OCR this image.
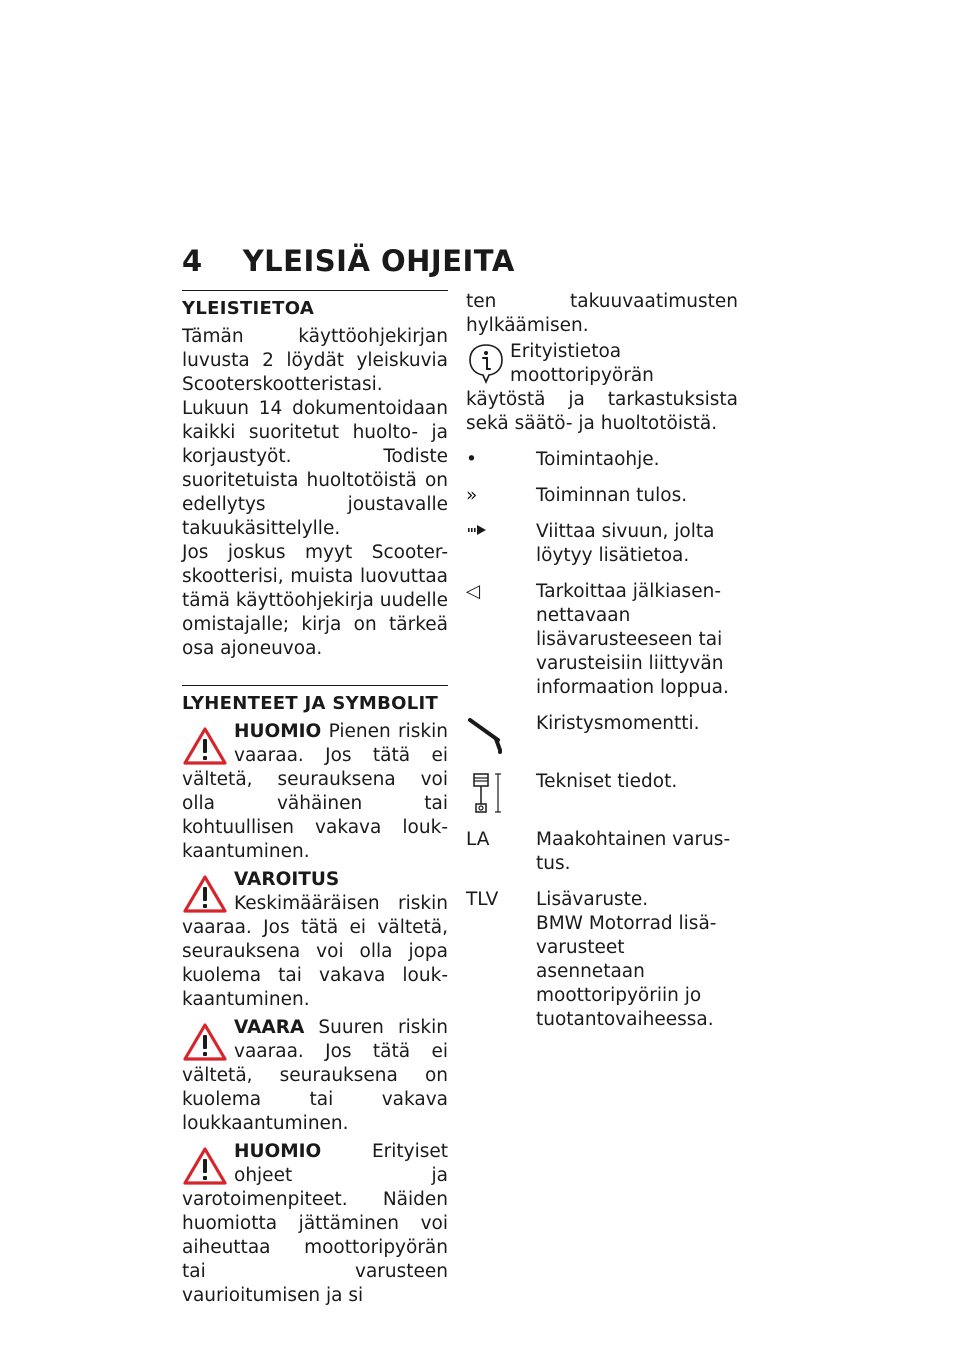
4 YLEISIÄ OHJEITA
YLEISTIETOA

Tämän käyttöohjekirjan luvusta 2 löydät yleiskuvia Scooterskootteristasi. Lukuun 14 dokumentoidaan kaikki suoritetut huolto- ja korjaustyöt. Todiste suoritetuista huoltotöistä on edellytys joustavalle takuukäsittelylle.

Jos joskus myyt Scooter-skootterisi, muista luovuttaa tämä käyttöohjekirja uudelle omistajalle; kirja on tärkeä osa ajoneuvoa.

LYHENTEET JA SYMBOLIT
HUOMIO Pienen riskin vaaraa. Jos tätä ei vältetä, seurauksena voi olla vähäinen tai kohtuullisen vakava loukkaantuminen.
VAROITUS Keskimääräisen riskin vaaraa. Jos tätä ei vältetä, seurauksena voi olla jopa kuolema tai vakava loukkaantuminen.
VAARA Suuren riskin vaaraa. Jos tätä ei vältetä, seurauksena on kuolema tai vakava loukkaantuminen.
HUOMIO Erityiset ohjeet ja varotoimenpiteet. Näiden huomiotta jättäminen voi aiheuttaa moottoripyörän tai varusteen vaurioitumisen ja si

ten takuuvaatimusten hylkäämisen.

Erityistietoa moottoripyörän käytöstä ja tarkastuksista sekä säätö- ja huoltotöistä.
•	Toimintaohje.
»	Toiminnan tulos.
Viittaa sivuun, jolta löytyy lisätietoa.
◁	Tarkoittaa jälkiasennettavaan lisävarusteeseen tai varusteisiin liittyvän informaation loppua.
Kiristysmomentti.
Tekniset tiedot.
LA	Maakohtainen varustus.
TLV Lisävaruste.
BMW Motorrad lisävarusteet asennetaan moottoripyöriin jo tuotantovaiheessa.
